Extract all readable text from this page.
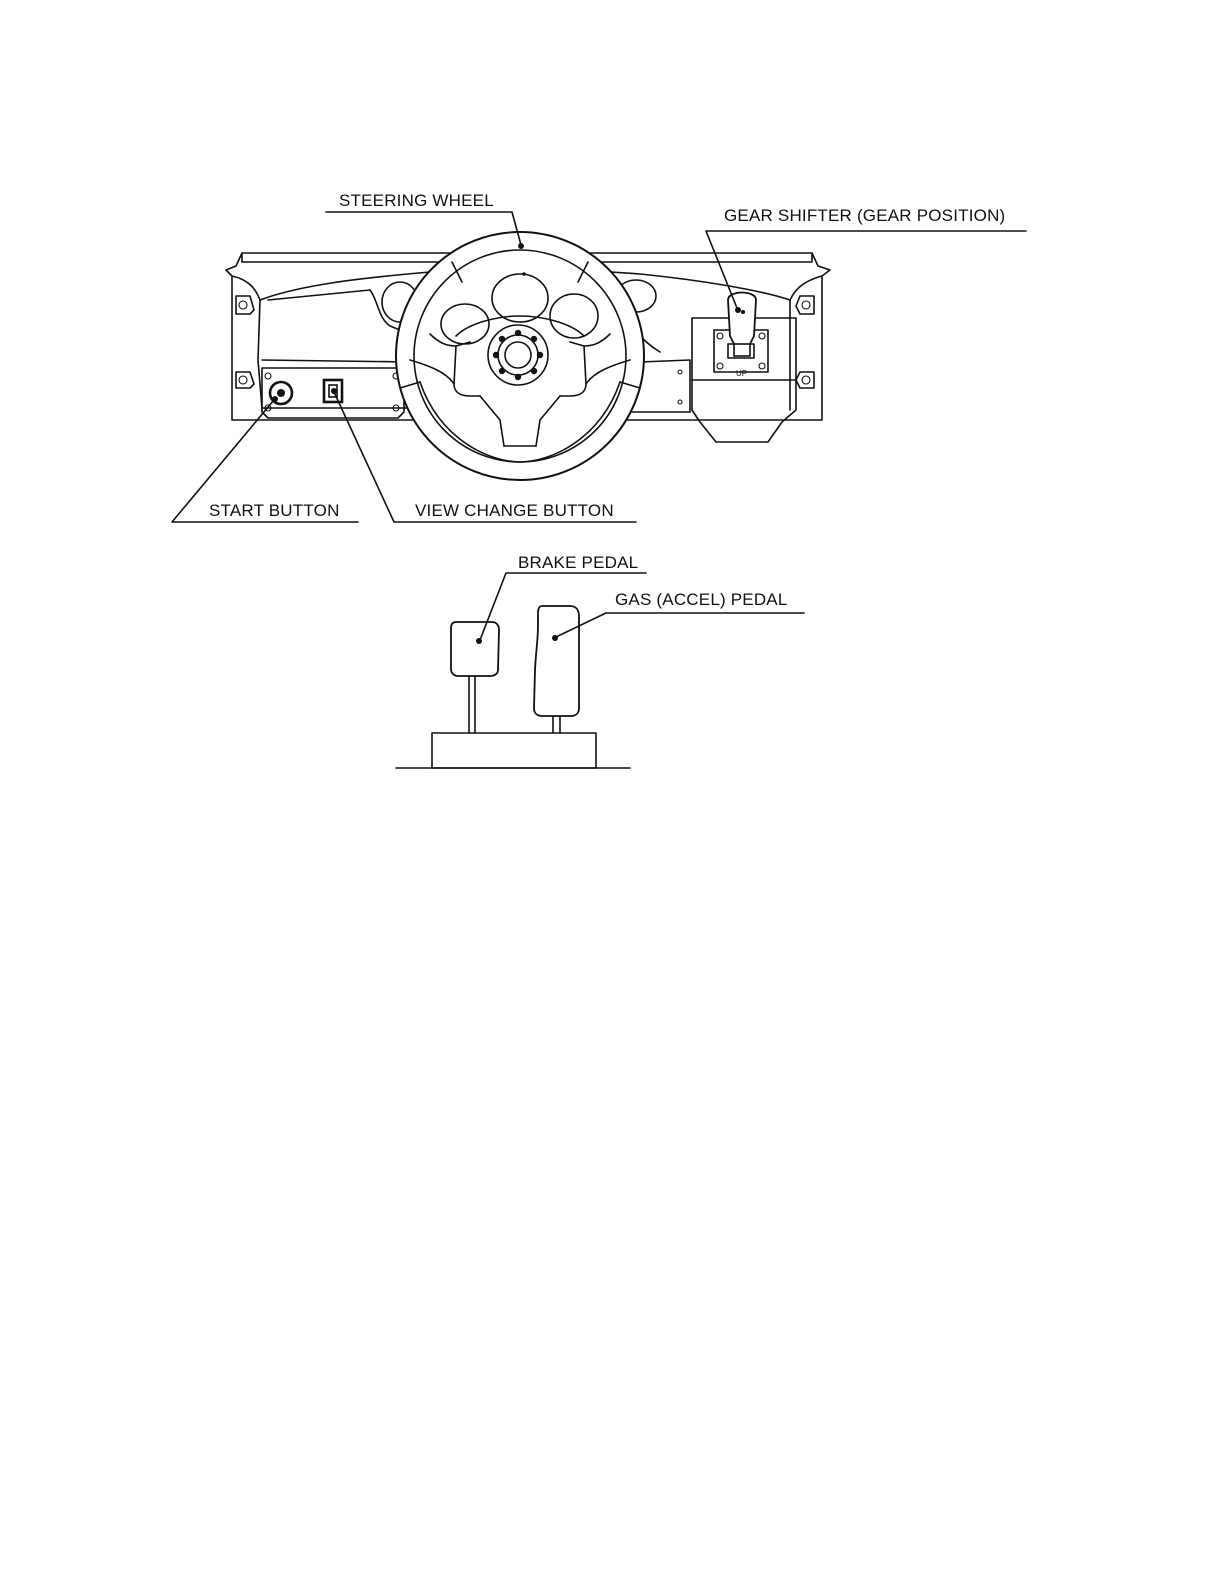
UP
STEERING WHEEL
GEAR SHIFTER (GEAR POSITION)
START BUTTON	VIEW CHANGE BUTTON
BRAKE PEDAL
GAS (ACCEL) PEDAL
